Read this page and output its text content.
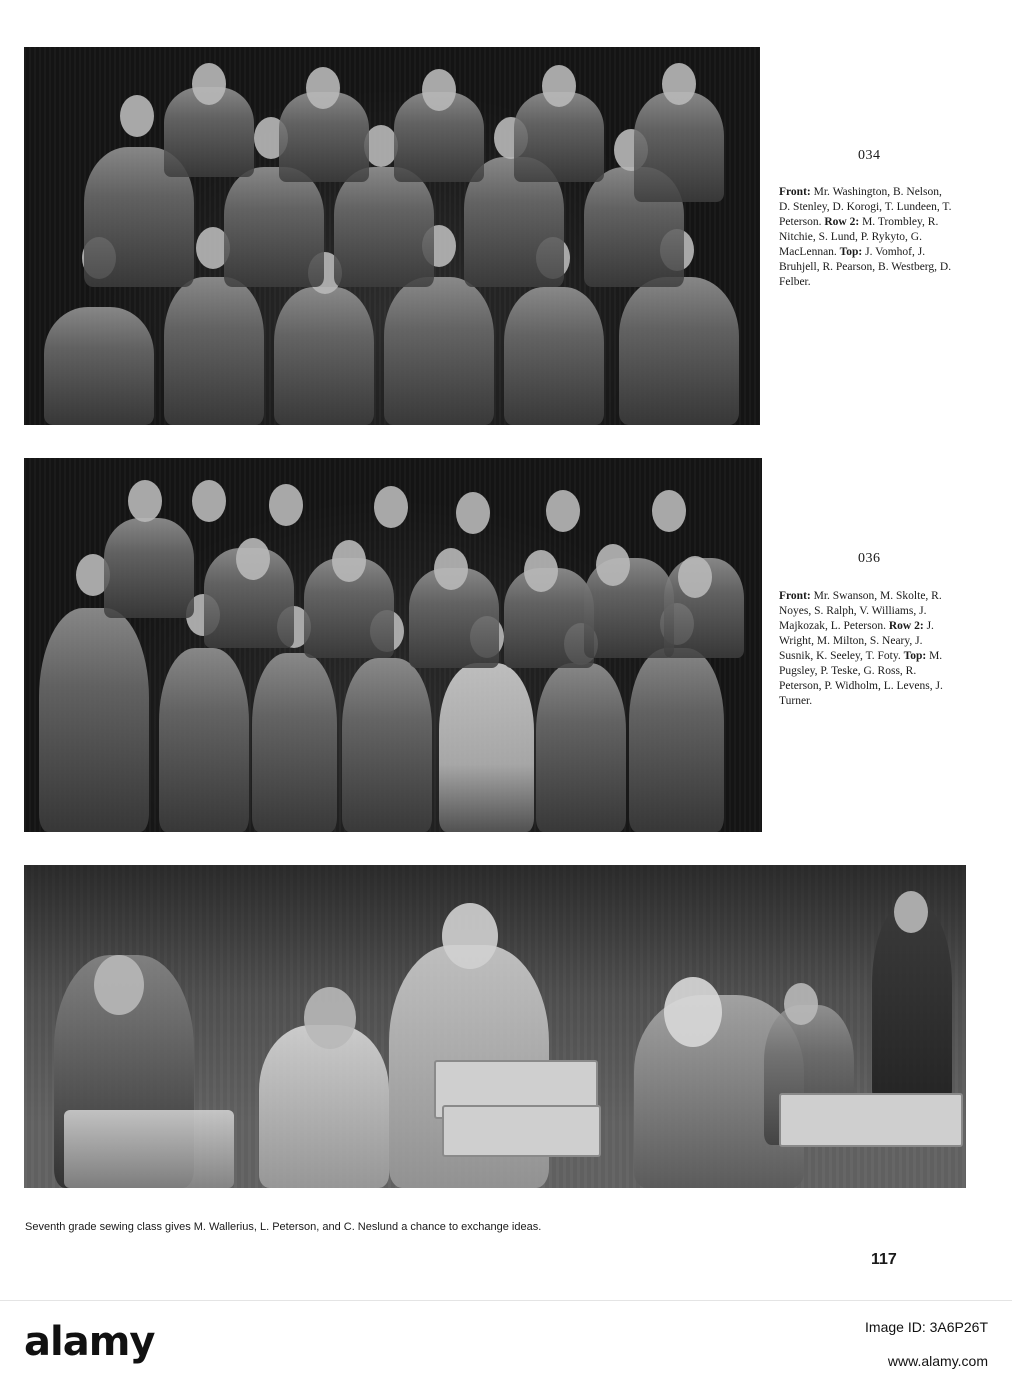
034
Front: Mr. Washington, B. Nelson, D. Stenley, D. Korogi, T. Lundeen, T. Peterson. Row 2: M. Trombley, R. Nitchie, S. Lund, P. Rykyto, G. MacLennan. Top: J. Vomhof, J. Bruhjell, R. Pearson, B. Westberg, D. Felber.
036
Front: Mr. Swanson, M. Skolte, R. Noyes, S. Ralph, V. Williams, J. Majkozak, L. Peterson. Row 2: J. Wright, M. Milton, S. Neary, J. Susnik, K. Seeley, T. Foty. Top: M. Pugsley, P. Teske, G. Ross, R. Peterson, P. Widholm, L. Levens, J. Turner.
Seventh grade sewing class gives M. Wallerius, L. Peterson, and C. Neslund a chance to exchange ideas.
117
alamy	Image ID: 3A6P26T
www.alamy.com
